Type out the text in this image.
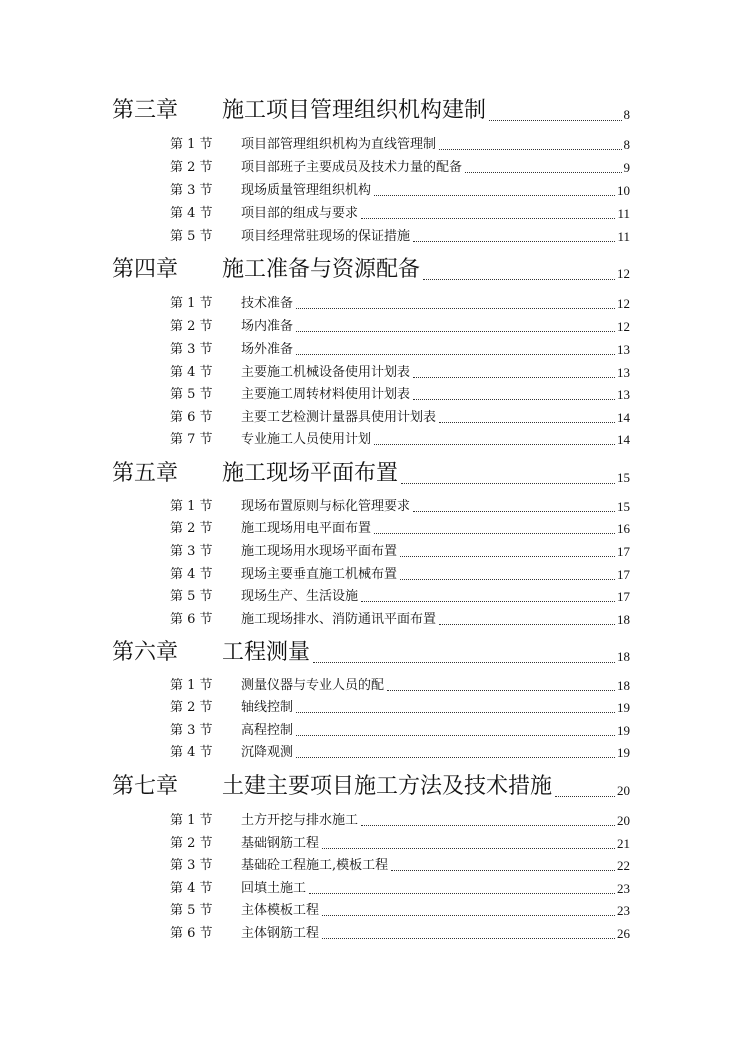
第三章 施工项目管理组织机构建制	8
第 1 节 项目部管理组织机构为直线管理制	8
第 2 节 项目部班子主要成员及技术力量的配备	9
第 3 节 现场质量管理组织机构	10
第 4 节 项目部的组成与要求	11
第 5 节 项目经理常驻现场的保证措施	11
第四章 施工准备与资源配备	12
第 1 节 技术准备	12
第 2 节 场内准备	12
第 3 节 场外准备	13
第 4 节 主要施工机械设备使用计划表	13
第 5 节 主要施工周转材料使用计划表	13
第 6 节 主要工艺检测计量器具使用计划表	14
第 7 节 专业施工人员使用计划	14
第五章 施工现场平面布置	15
第 1 节 现场布置原则与标化管理要求	15
第 2 节 施工现场用电平面布置	16
第 3 节 施工现场用水现场平面布置	17
第 4 节 现场主要垂直施工机械布置	17
第 5 节 现场生产、生活设施	17
第 6 节 施工现场排水、消防通讯平面布置	18
第六章 工程测量	18
第 1 节 测量仪器与专业人员的配	18
第 2 节 轴线控制	19
第 3 节 高程控制	19
第 4 节 沉降观测	19
第七章 土建主要项目施工方法及技术措施	20
第 1 节 土方开挖与排水施工	20
第 2 节 基础钢筋工程	21
第 3 节 基础砼工程施工,模板工程	22
第 4 节 回填土施工	23
第 5 节 主体模板工程	23
第 6 节 主体钢筋工程	26
